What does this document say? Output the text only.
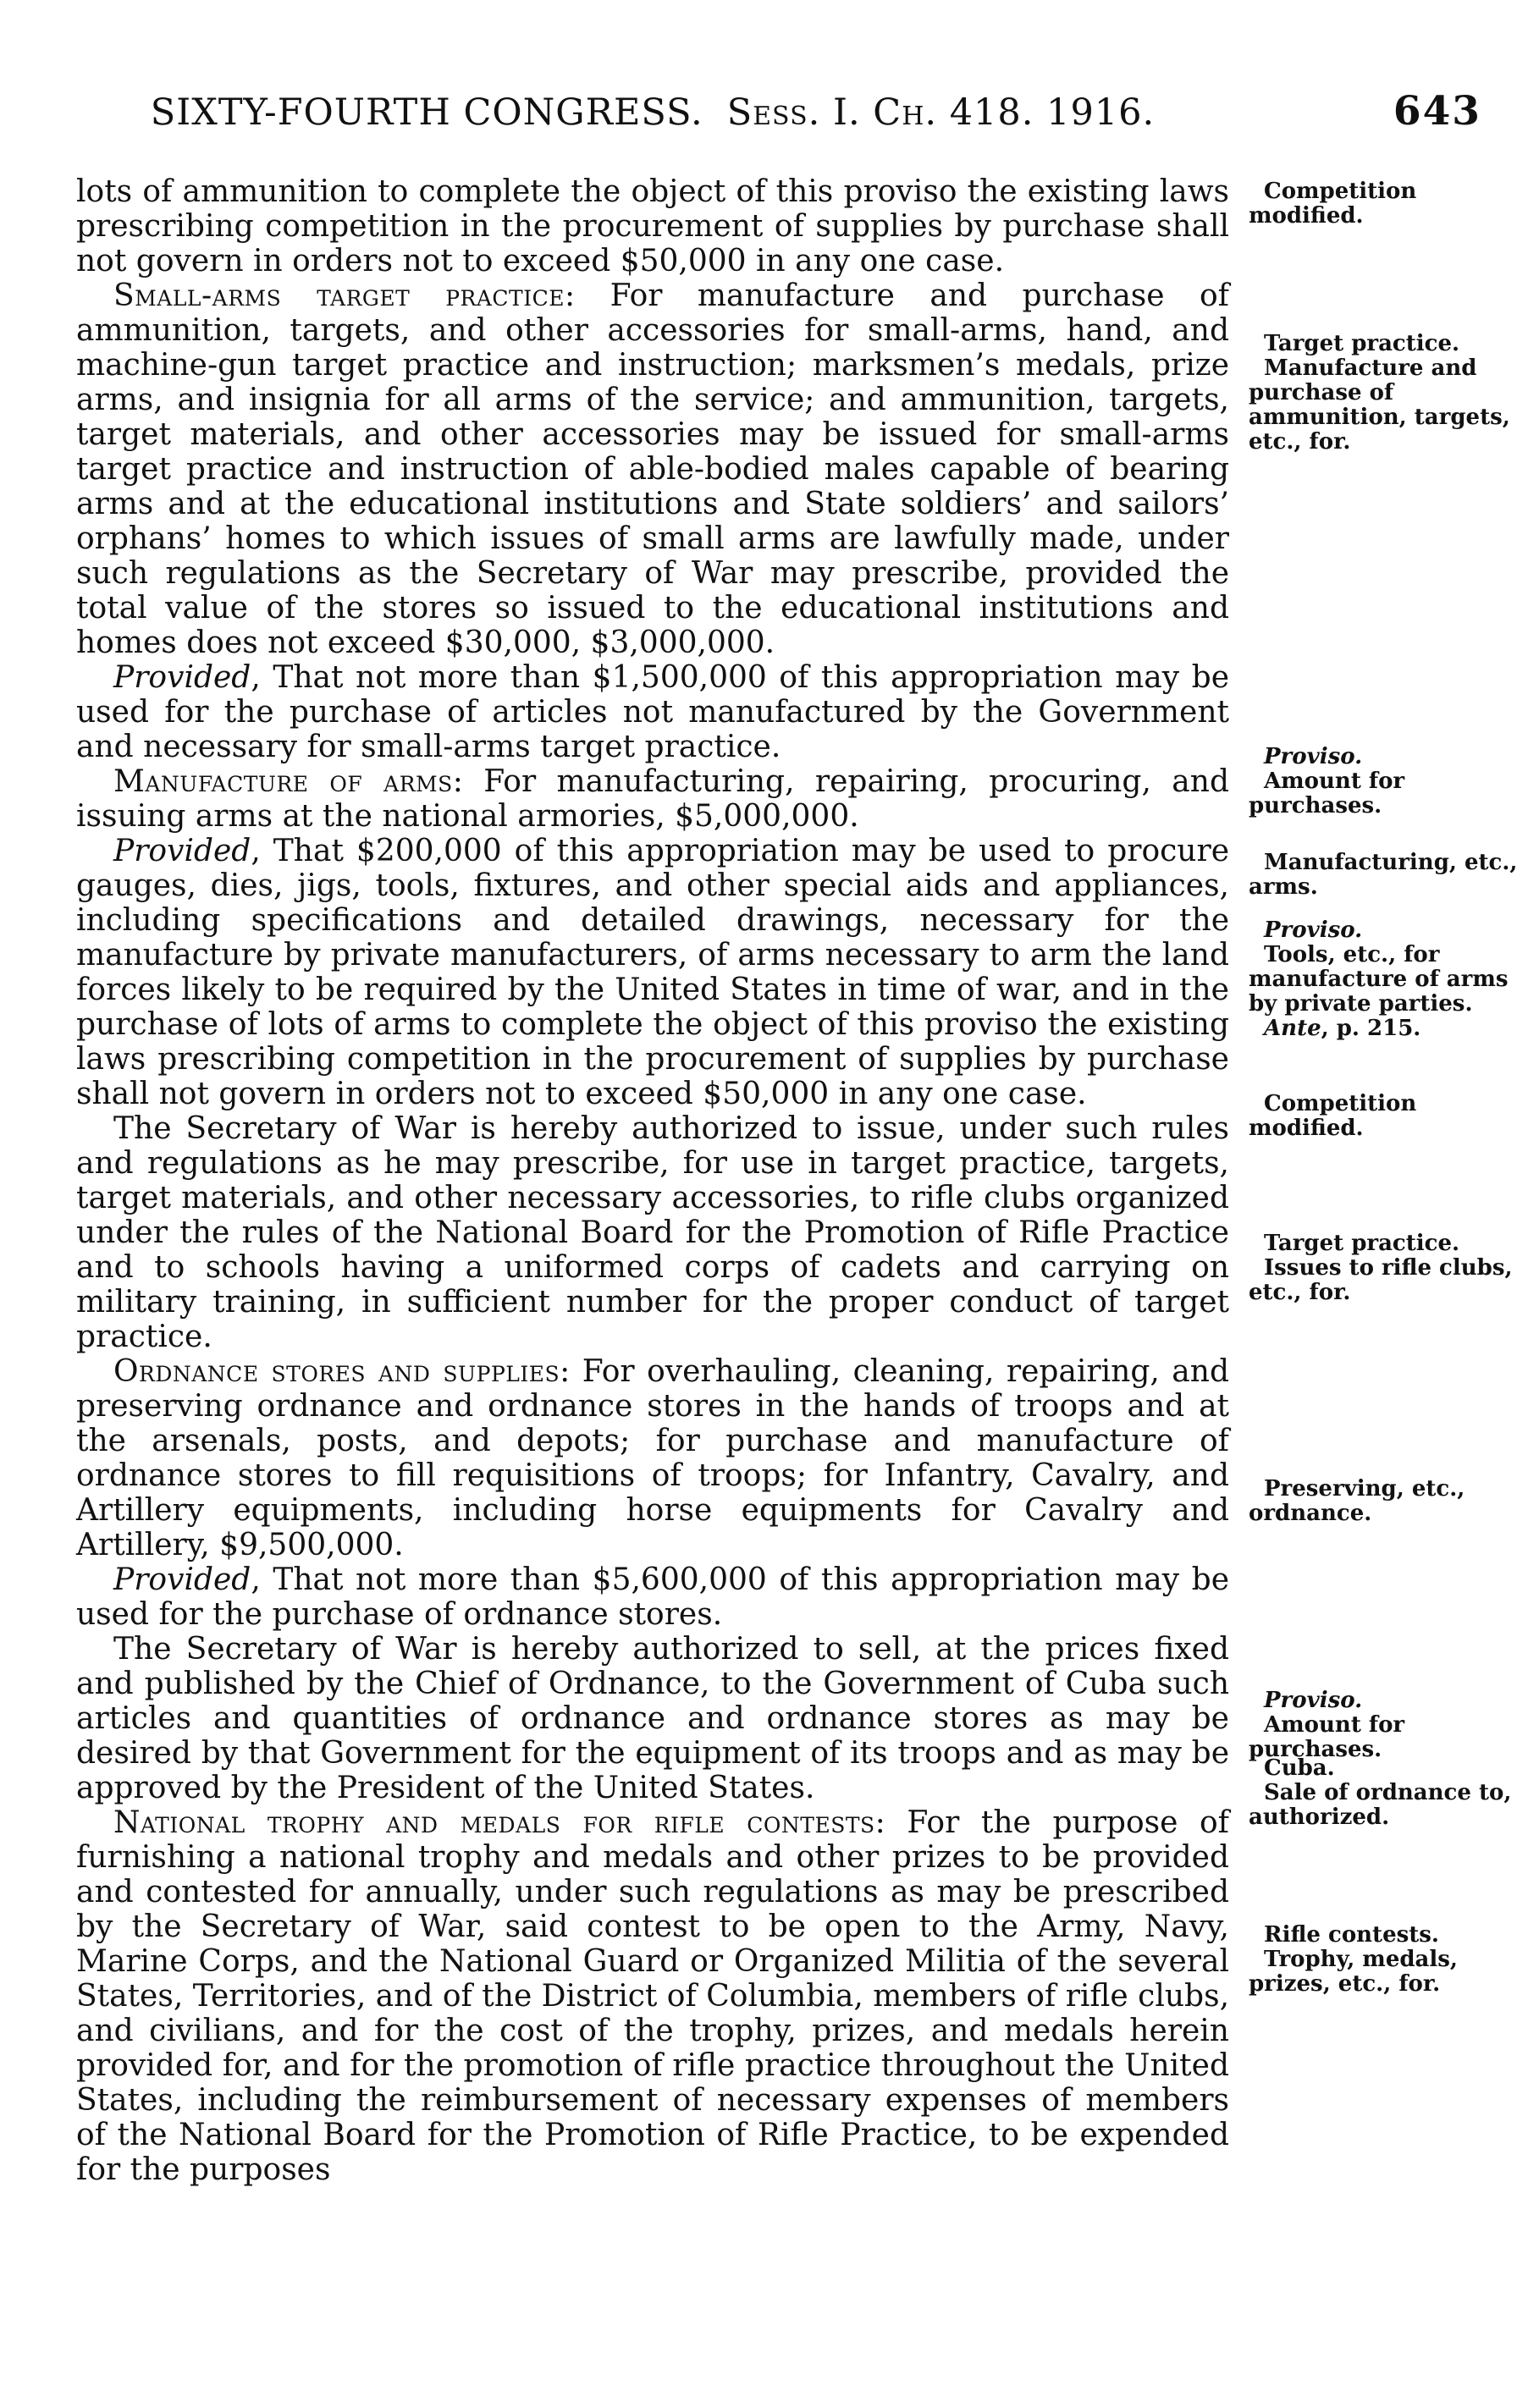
SIXTY-FOURTH CONGRESS. Sess. I. Ch. 418. 1916.	643

lots of ammunition to complete the object of this proviso the existing laws prescribing competition in the procurement of supplies by purchase shall not govern in orders not to exceed $50,000 in any one case.

Small-arms target practice: For manufacture and purchase of ammunition, targets, and other accessories for small-arms, hand, and machine-gun target practice and instruction; marksmen’s medals, prize arms, and insignia for all arms of the service; and ammunition, targets, target materials, and other accessories may be issued for small-arms target practice and instruction of able-bodied males capable of bearing arms and at the educational institutions and State soldiers’ and sailors’ orphans’ homes to which issues of small arms are lawfully made, under such regulations as the Secretary of War may prescribe, provided the total value of the stores so issued to the educational institutions and homes does not exceed $30,000, $3,000,000.

Provided, That not more than $1,500,000 of this appropriation may be used for the purchase of articles not manufactured by the Government and necessary for small-arms target practice.

Manufacture of arms: For manufacturing, repairing, procuring, and issuing arms at the national armories, $5,000,000.

Provided, That $200,000 of this appropriation may be used to procure gauges, dies, jigs, tools, fixtures, and other special aids and appliances, including specifications and detailed drawings, necessary for the manufacture by private manufacturers, of arms necessary to arm the land forces likely to be required by the United States in time of war, and in the purchase of lots of arms to complete the object of this proviso the existing laws prescribing competition in the procurement of supplies by purchase shall not govern in orders not to exceed $50,000 in any one case.

The Secretary of War is hereby authorized to issue, under such rules and regulations as he may prescribe, for use in target practice, targets, target materials, and other necessary accessories, to rifle clubs organized under the rules of the National Board for the Promotion of Rifle Practice and to schools having a uniformed corps of cadets and carrying on military training, in sufficient number for the proper conduct of target practice.

Ordnance stores and supplies: For overhauling, cleaning, repairing, and preserving ordnance and ordnance stores in the hands of troops and at the arsenals, posts, and depots; for purchase and manufacture of ordnance stores to fill requisitions of troops; for Infantry, Cavalry, and Artillery equipments, including horse equipments for Cavalry and Artillery, $9,500,000.

Provided, That not more than $5,600,000 of this appropriation may be used for the purchase of ordnance stores.

The Secretary of War is hereby authorized to sell, at the prices fixed and published by the Chief of Ordnance, to the Government of Cuba such articles and quantities of ordnance and ordnance stores as may be desired by that Government for the equipment of its troops and as may be approved by the President of the United States.

National trophy and medals for rifle contests: For the purpose of furnishing a national trophy and medals and other prizes to be provided and contested for annually, under such regulations as may be prescribed by the Secretary of War, said contest to be open to the Army, Navy, Marine Corps, and the National Guard or Organized Militia of the several States, Territories, and of the District of Columbia, members of rifle clubs, and civilians, and for the cost of the trophy, prizes, and medals herein provided for, and for the promotion of rifle practice throughout the United States, including the reimbursement of necessary expenses of members of the National Board for the Promotion of Rifle Practice, to be expended for the purposes

Competition modified.
Target practice.
Manufacture and purchase of ammunition, targets, etc., for.
Proviso.
Amount for purchases.
Manufacturing, etc., arms.
Proviso.
Tools, etc., for manufacture of arms by private parties.
Ante, p. 215.
Competition modified.
Target practice.
Issues to rifle clubs, etc., for.
Preserving, etc., ordnance.
Proviso.
Amount for purchases.
Cuba.
Sale of ordnance to, authorized.
Rifle contests.
Trophy, medals, prizes, etc., for.
